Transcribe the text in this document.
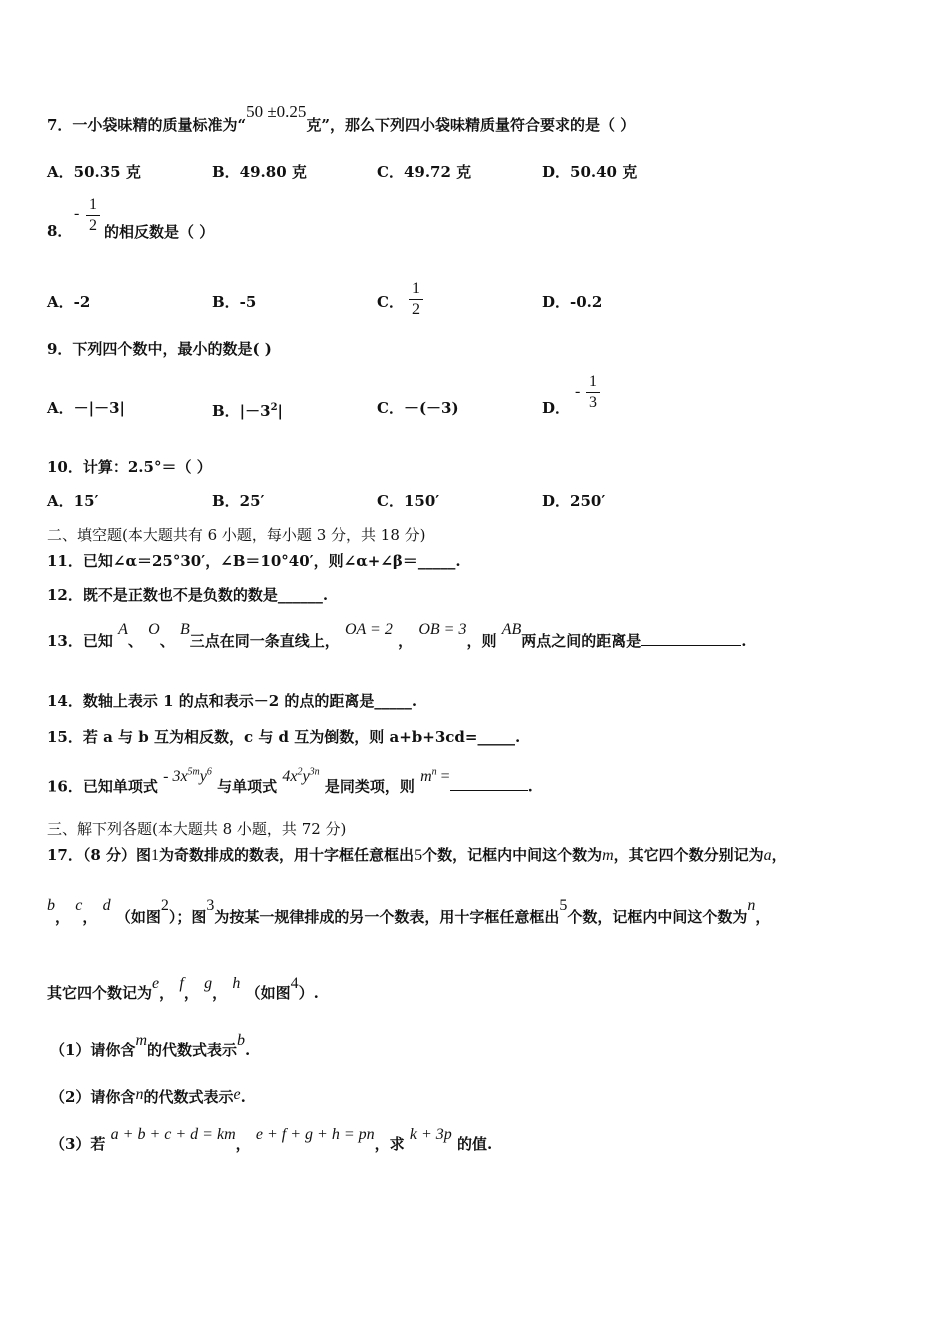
7．一小袋味精的质量标准为“50 ±0.25克”，那么下列四小袋味精质量符合要求的是（ ）
A．50.35 克	B．49.80 克	C．49.72 克	D．50.40 克
8．
-
1
2 的相反数是（ ）
A．-2	B．-5	C．
1
2	D．-0.2
9．下列四个数中，最小的数是( )
A．－|－3|	B．$|-3^2|$	C．－(－3)	D．
-
1
3
10．计算：2.5°＝（ ）
A．15′	B．25′	C．150′	D．250′
二、填空题(本大题共有 6 小题，每小题 3 分，共 18 分)
11．已知∠α＝25°30′，∠B＝10°40′，则∠α+∠β＝_____.
12．既不是正数也不是负数的数是______.
13．已知 A、 O、 B三点在同一条直线上， OA = 2 ， OB = 3，则 AB两点之间的距离是	.
14．数轴上表示 1 的点和表示－2 的点的距离是_____.
15．若 a 与 b 互为相反数，c 与 d 互为倒数，则 a+b+3cd=_____.
16．已知单项式 - $3x^{5m}y^6$ 与单项式 $4x^2y^{3n}$ 是同类项，则 $m^n$ =.
三、解下列各题(本大题共 8 小题，共 72 分)
17．（8 分）图1为奇数排成的数表，用十字框任意框出5个数，记框内中间这个数为m，其它四个数分别记为a，
b， c， d （如图2）；图3为按某一规律排成的另一个数表，用十字框任意框出5个数，记框内中间这个数为n，
其它四个数记为e， f， g， h （如图4）.
（1）请你含m的代数式表示b.
（2）请你含n的代数式表示e.
（3）若 a + b + c + d = km， e + f + g + h = pn，求 k + 3p 的值.
